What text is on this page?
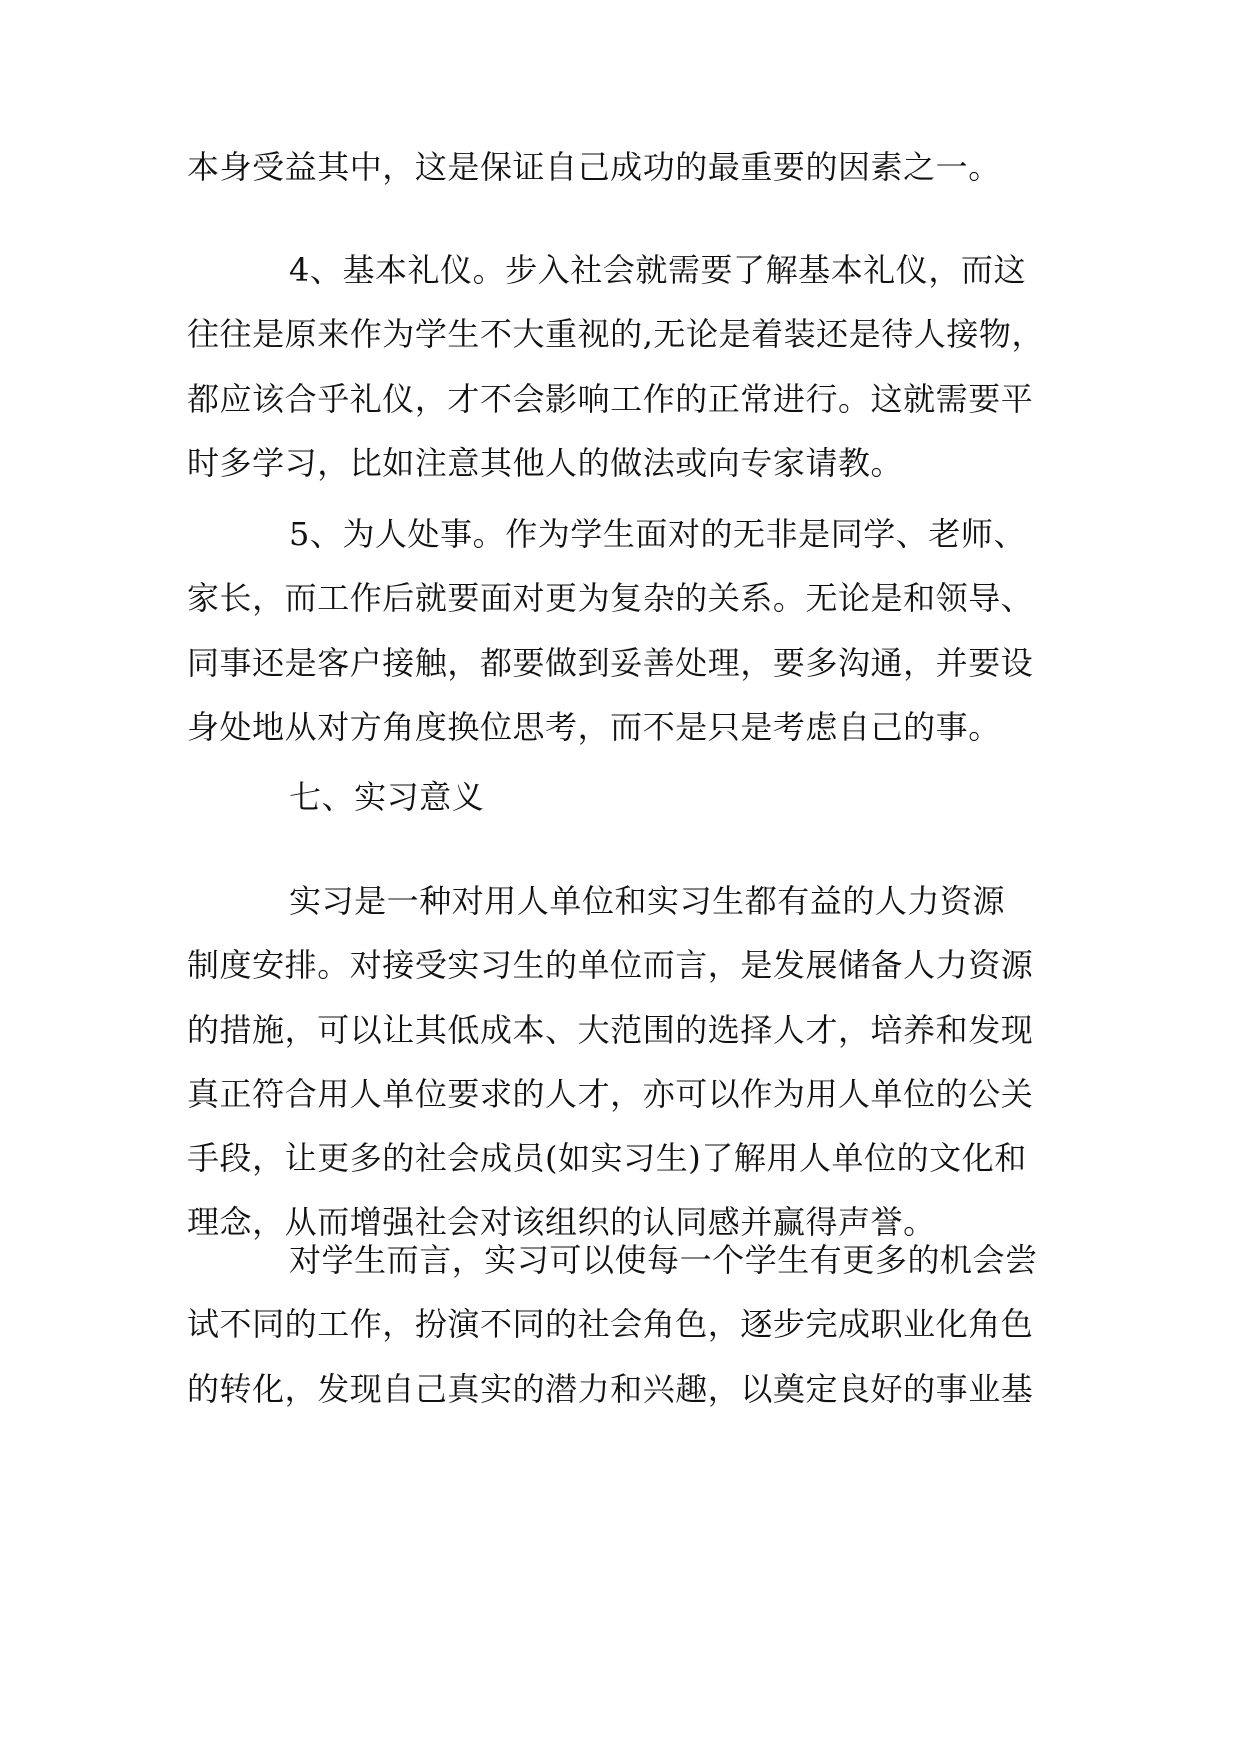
本身受益其中，这是保证自己成功的最重要的因素之一。
4、基本礼仪。步入社会就需要了解基本礼仪，而这
往往是原来作为学生不大重视的,无论是着装还是待人接物，
都应该合乎礼仪，才不会影响工作的正常进行。这就需要平
时多学习，比如注意其他人的做法或向专家请教。
5、为人处事。作为学生面对的无非是同学、老师、
家长，而工作后就要面对更为复杂的关系。无论是和领导、
同事还是客户接触，都要做到妥善处理，要多沟通，并要设
身处地从对方角度换位思考，而不是只是考虑自己的事。
七、实习意义
实习是一种对用人单位和实习生都有益的人力资源
制度安排。对接受实习生的单位而言，是发展储备人力资源
的措施，可以让其低成本、大范围的选择人才，培养和发现
真正符合用人单位要求的人才，亦可以作为用人单位的公关
手段，让更多的社会成员(如实习生)了解用人单位的文化和
理念，从而增强社会对该组织的认同感并赢得声誉。
对学生而言，实习可以使每一个学生有更多的机会尝
试不同的工作，扮演不同的社会角色，逐步完成职业化角色
的转化，发现自己真实的潜力和兴趣，以奠定良好的事业基
